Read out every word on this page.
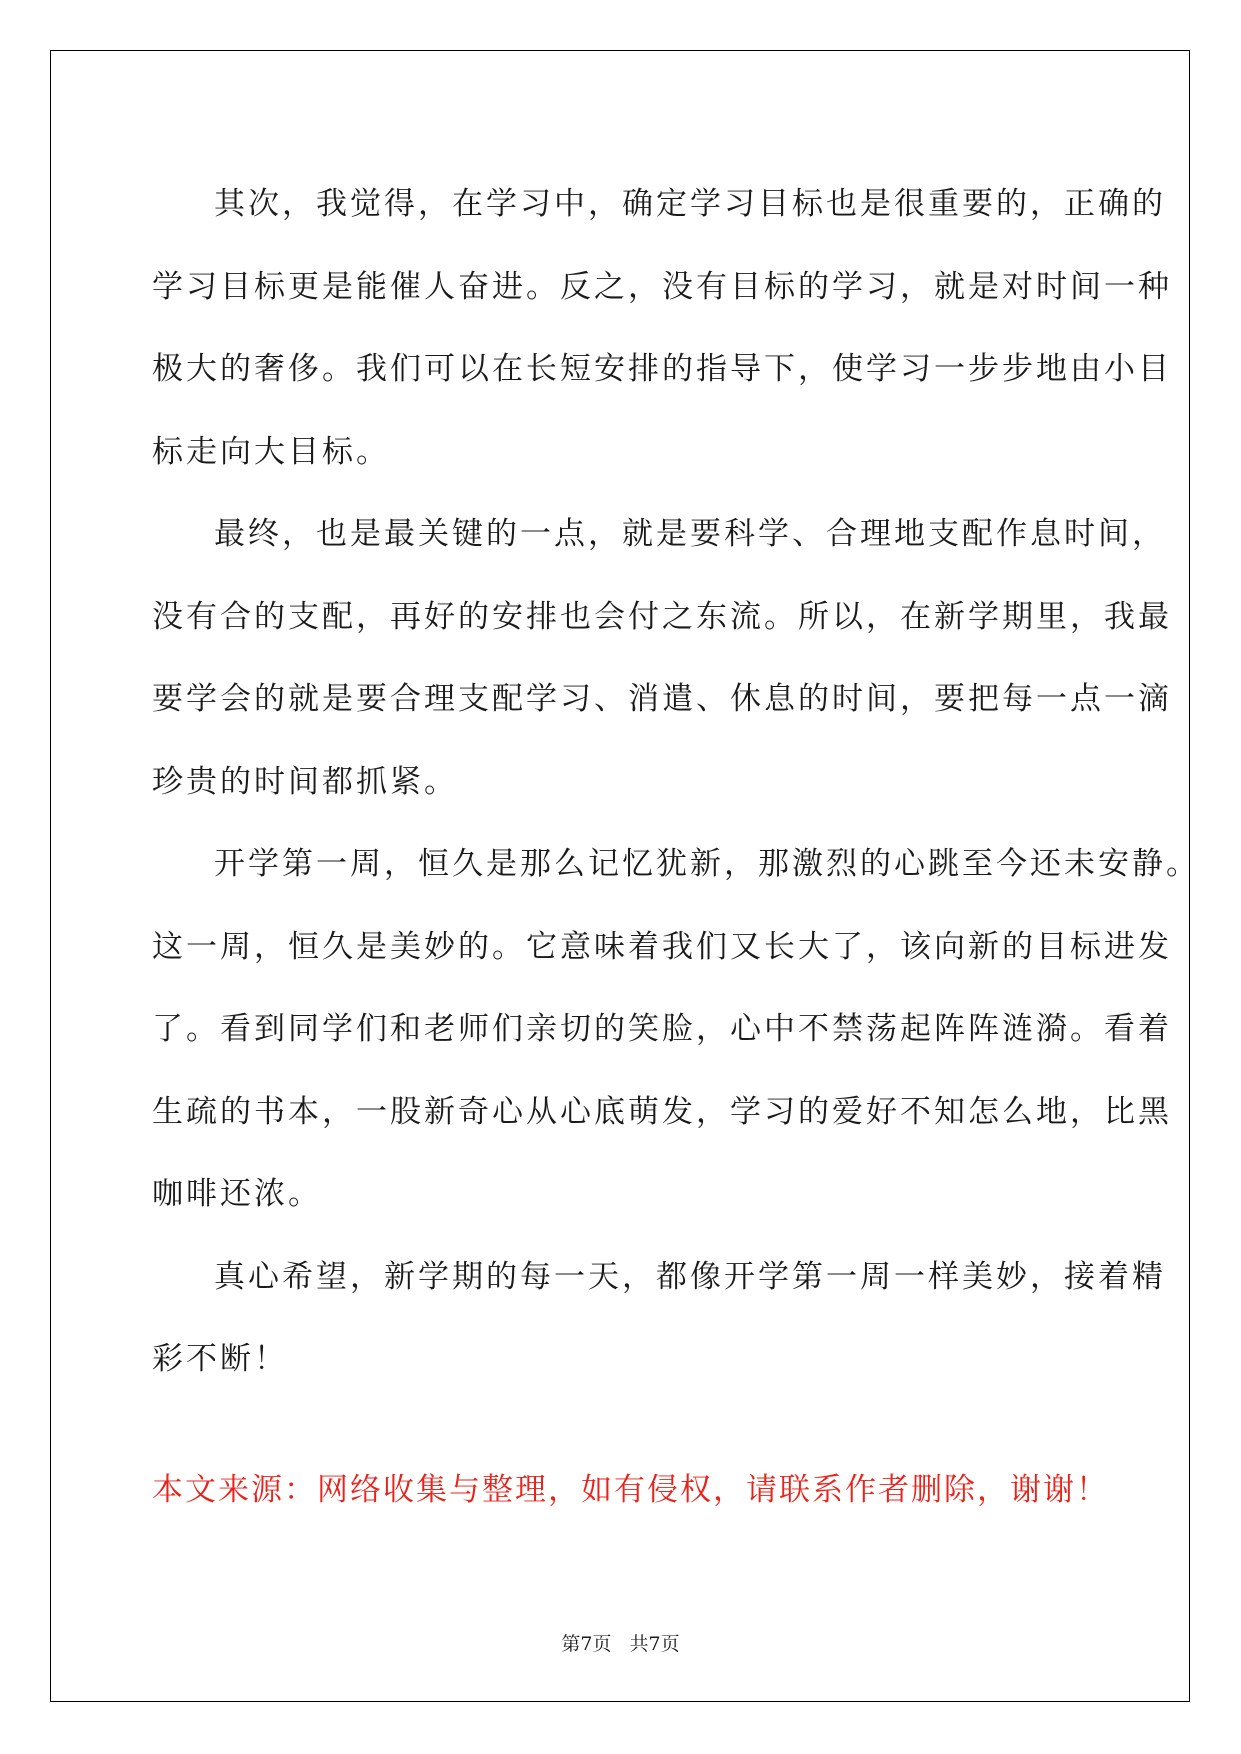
其次，我觉得，在学习中，确定学习目标也是很重要的，正确的
学习目标更是能催人奋进。反之，没有目标的学习，就是对时间一种
极大的奢侈。我们可以在长短安排的指导下，使学习一步步地由小目
标走向大目标。

最终，也是最关键的一点，就是要科学、合理地支配作息时间，
没有合的支配，再好的安排也会付之东流。所以，在新学期里，我最
要学会的就是要合理支配学习、消遣、休息的时间，要把每一点一滴
珍贵的时间都抓紧。

开学第一周，恒久是那么记忆犹新，那激烈的心跳至今还未安静。
这一周，恒久是美妙的。它意味着我们又长大了，该向新的目标进发
了。看到同学们和老师们亲切的笑脸，心中不禁荡起阵阵涟漪。看着
生疏的书本，一股新奇心从心底萌发，学习的爱好不知怎么地，比黑
咖啡还浓。

真心希望，新学期的每一天，都像开学第一周一样美妙，接着精
彩不断！

本文来源：网络收集与整理，如有侵权，请联系作者删除，谢谢！

第7页 共7页
